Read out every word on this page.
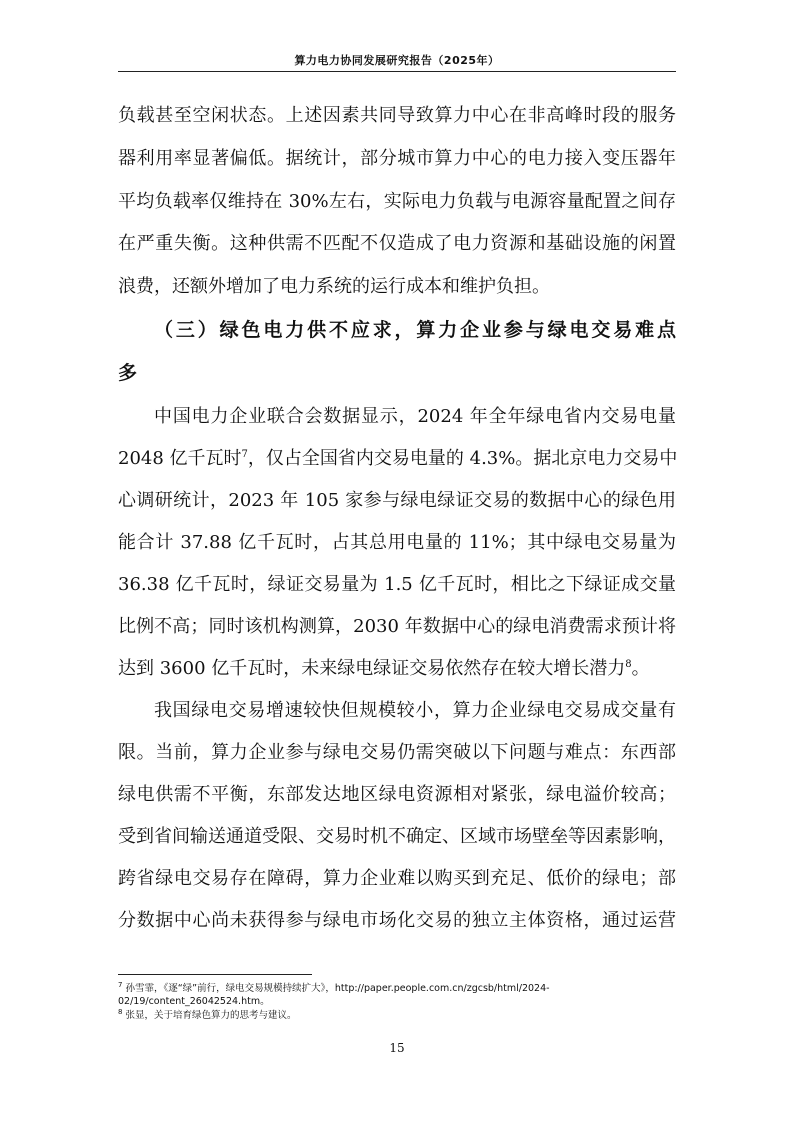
算力电力协同发展研究报告（2025年）
负载甚至空闲状态。上述因素共同导致算力中心在非高峰时段的服务
器利用率显著偏低。据统计，部分城市算力中心的电力接入变压器年
平均负载率仅维持在 30%左右，实际电力负载与电源容量配置之间存
在严重失衡。这种供需不匹配不仅造成了电力资源和基础设施的闲置
浪费，还额外增加了电力系统的运行成本和维护负担。
（三）绿色电力供不应求，算力企业参与绿电交易难点
多
中国电力企业联合会数据显示，2024 年全年绿电省内交易电量
2048 亿千瓦时$^7$，仅占全国省内交易电量的 4.3%。据北京电力交易中
心调研统计，2023 年 105 家参与绿电绿证交易的数据中心的绿色用
能合计 37.88 亿千瓦时，占其总用电量的 11%；其中绿电交易量为
36.38 亿千瓦时，绿证交易量为 1.5 亿千瓦时，相比之下绿证成交量
比例不高；同时该机构测算，2030 年数据中心的绿电消费需求预计将
达到 3600 亿千瓦时，未来绿电绿证交易依然存在较大增长潜力$^8$。
我国绿电交易增速较快但规模较小，算力企业绿电交易成交量有
限。当前，算力企业参与绿电交易仍需突破以下问题与难点：东西部
绿电供需不平衡，东部发达地区绿电资源相对紧张，绿电溢价较高；
受到省间输送通道受限、交易时机不确定、区域市场壁垒等因素影响，
跨省绿电交易存在障碍，算力企业难以购买到充足、低价的绿电；部
分数据中心尚未获得参与绿电市场化交易的独立主体资格，通过运营
$^7$ 孙雪霏，《逐“绿”前行，绿电交易规模持续扩大》，http://paper.people.com.cn/zgcsb/html/2024-
02/19/content_26042524.htm。
$^8$ 张显，关于培育绿色算力的思考与建议。
15
